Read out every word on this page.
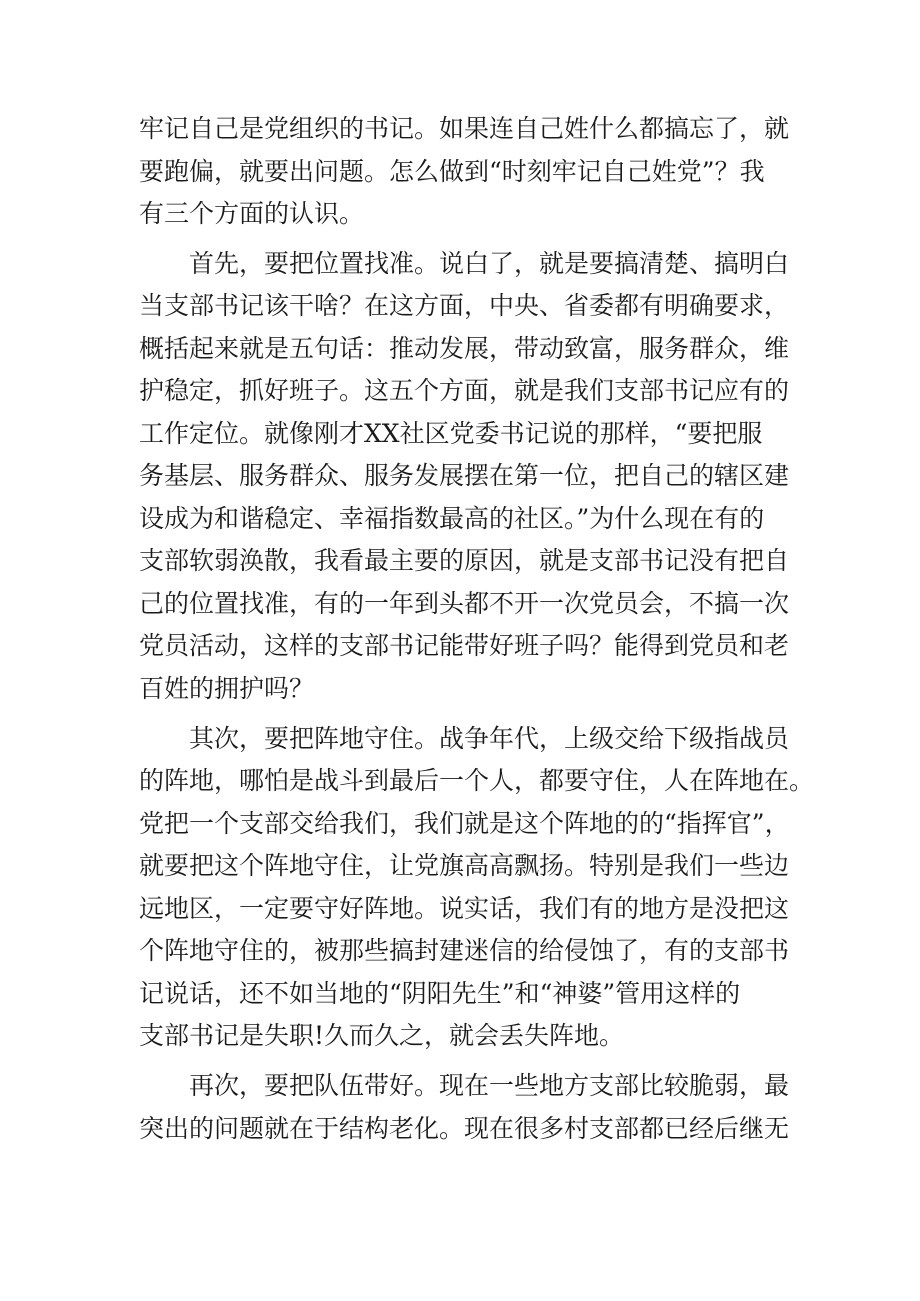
牢记自己是党组织的书记。如果连自己姓什么都搞忘了，就
要跑偏，就要出问题。怎么做到“时刻牢记自己姓党”？我
有三个方面的认识。
　　首先，要把位置找准。说白了，就是要搞清楚、搞明白
当支部书记该干啥？在这方面，中央、省委都有明确要求，
概括起来就是五句话：推动发展，带动致富，服务群众，维
护稳定，抓好班子。这五个方面，就是我们支部书记应有的
工作定位。就像刚才XX社区党委书记说的那样，“要把服
务基层、服务群众、服务发展摆在第一位，把自己的辖区建
设成为和谐稳定、幸福指数最高的社区。”为什么现在有的
支部软弱涣散，我看最主要的原因，就是支部书记没有把自
己的位置找准，有的一年到头都不开一次党员会，不搞一次
党员活动，这样的支部书记能带好班子吗？能得到党员和老
百姓的拥护吗？
　　其次，要把阵地守住。战争年代，上级交给下级指战员
的阵地，哪怕是战斗到最后一个人，都要守住，人在阵地在。
党把一个支部交给我们，我们就是这个阵地的的“指挥官”，
就要把这个阵地守住，让党旗高高飘扬。特别是我们一些边
远地区，一定要守好阵地。说实话，我们有的地方是没把这
个阵地守住的，被那些搞封建迷信的给侵蚀了，有的支部书
记说话，还不如当地的“阴阳先生”和“神婆”管用这样的
支部书记是失职!久而久之，就会丢失阵地。
　　再次，要把队伍带好。现在一些地方支部比较脆弱，最
突出的问题就在于结构老化。现在很多村支部都已经后继无
